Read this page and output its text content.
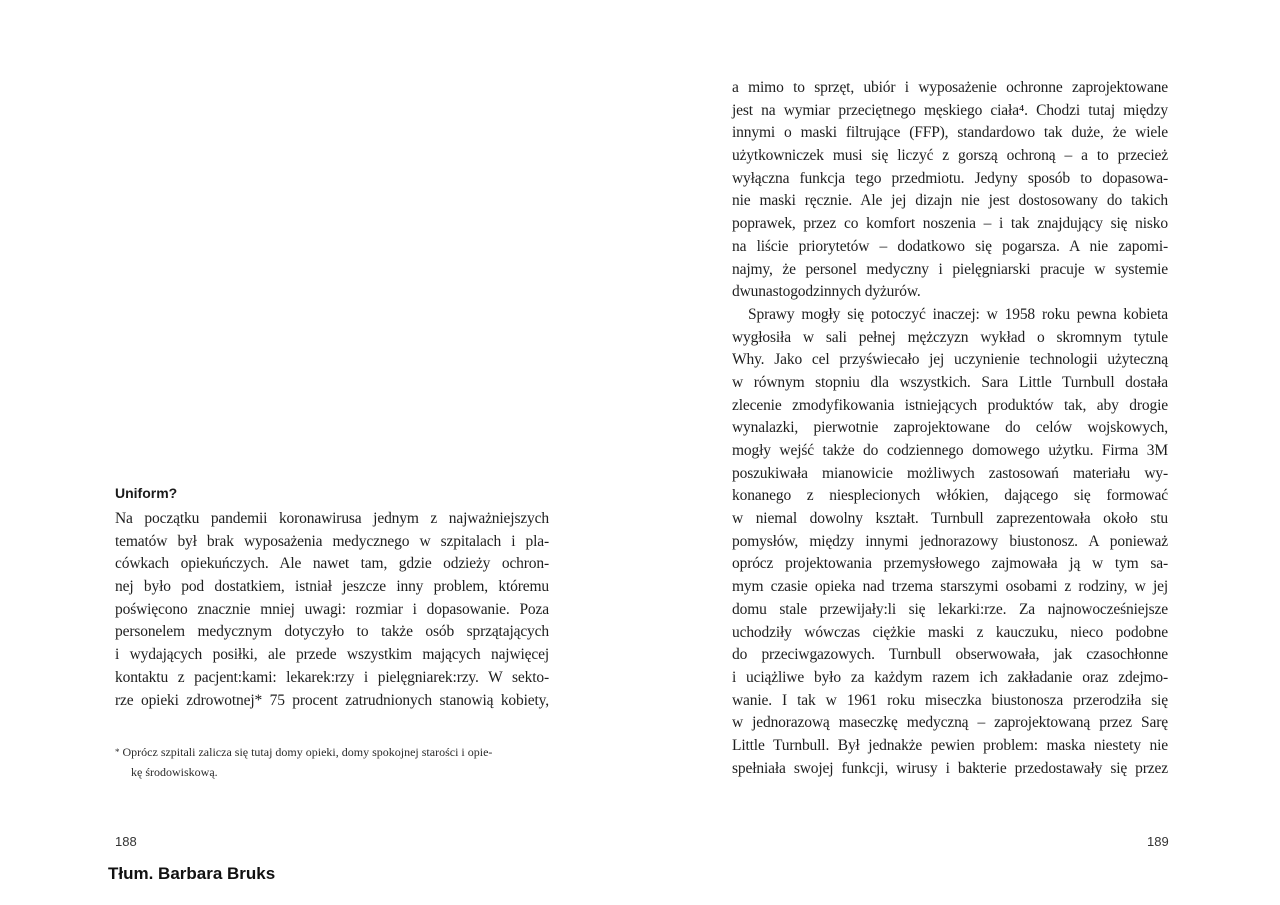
Uniform?
Na początku pandemii koronawirusa jednym z najważniejszych
tematów był brak wyposażenia medycznego w szpitalach i pla-
cówkach opiekuńczych. Ale nawet tam, gdzie odzieży ochron-
nej było pod dostatkiem, istniał jeszcze inny problem, któremu
poświęcono znacznie mniej uwagi: rozmiar i dopasowanie. Poza
personelem medycznym dotyczyło to także osób sprzątających
i wydających posiłki, ale przede wszystkim mających najwięcej
kontaktu z pacjent:kami: lekarek:rzy i pielęgniarek:rzy. W sekto-
rze opieki zdrowotnej* 75 procent zatrudnionych stanowią kobiety,
* Oprócz szpitali zalicza się tutaj domy opieki, domy spokojnej starości i opie-
kę środowiskową.
188
Tłum. Barbara Bruks
a mimo to sprzęt, ubiór i wyposażenie ochronne zaprojektowane
jest na wymiar przeciętnego męskiego ciała⁴. Chodzi tutaj między
innymi o maski filtrujące (FFP), standardowo tak duże, że wiele
użytkowniczek musi się liczyć z gorszą ochroną – a to przecież
wyłączna funkcja tego przedmiotu. Jedyny sposób to dopasowa-
nie maski ręcznie. Ale jej dizajn nie jest dostosowany do takich
poprawek, przez co komfort noszenia – i tak znajdujący się nisko
na liście priorytetów – dodatkowo się pogarsza. A nie zapomi-
najmy, że personel medyczny i pielęgniarski pracuje w systemie
dwunastogodzinnych dyżurów.
Sprawy mogły się potoczyć inaczej: w 1958 roku pewna kobieta
wygłosiła w sali pełnej mężczyzn wykład o skromnym tytule
Why. Jako cel przyświecało jej uczynienie technologii użyteczną
w równym stopniu dla wszystkich. Sara Little Turnbull dostała
zlecenie zmodyfikowania istniejących produktów tak, aby drogie
wynalazki, pierwotnie zaprojektowane do celów wojskowych,
mogły wejść także do codziennego domowego użytku. Firma 3M
poszukiwała mianowicie możliwych zastosowań materiału wy-
konanego z niesplecionych włókien, dającego się formować
w niemal dowolny kształt. Turnbull zaprezentowała około stu
pomysłów, między innymi jednorazowy biustonosz. A ponieważ
oprócz projektowania przemysłowego zajmowała ją w tym sa-
mym czasie opieka nad trzema starszymi osobami z rodziny, w jej
domu stale przewijały:li się lekarki:rze. Za najnowocześniejsze
uchodziły wówczas ciężkie maski z kauczuku, nieco podobne
do przeciwgazowych. Turnbull obserwowała, jak czasochłonne
i uciążliwe było za każdym razem ich zakładanie oraz zdejmo-
wanie. I tak w 1961 roku miseczka biustonosza przerodziła się
w jednorazową maseczkę medyczną – zaprojektowaną przez Sarę
Little Turnbull. Był jednakże pewien problem: maska niestety nie
spełniała swojej funkcji, wirusy i bakterie przedostawały się przez
189
